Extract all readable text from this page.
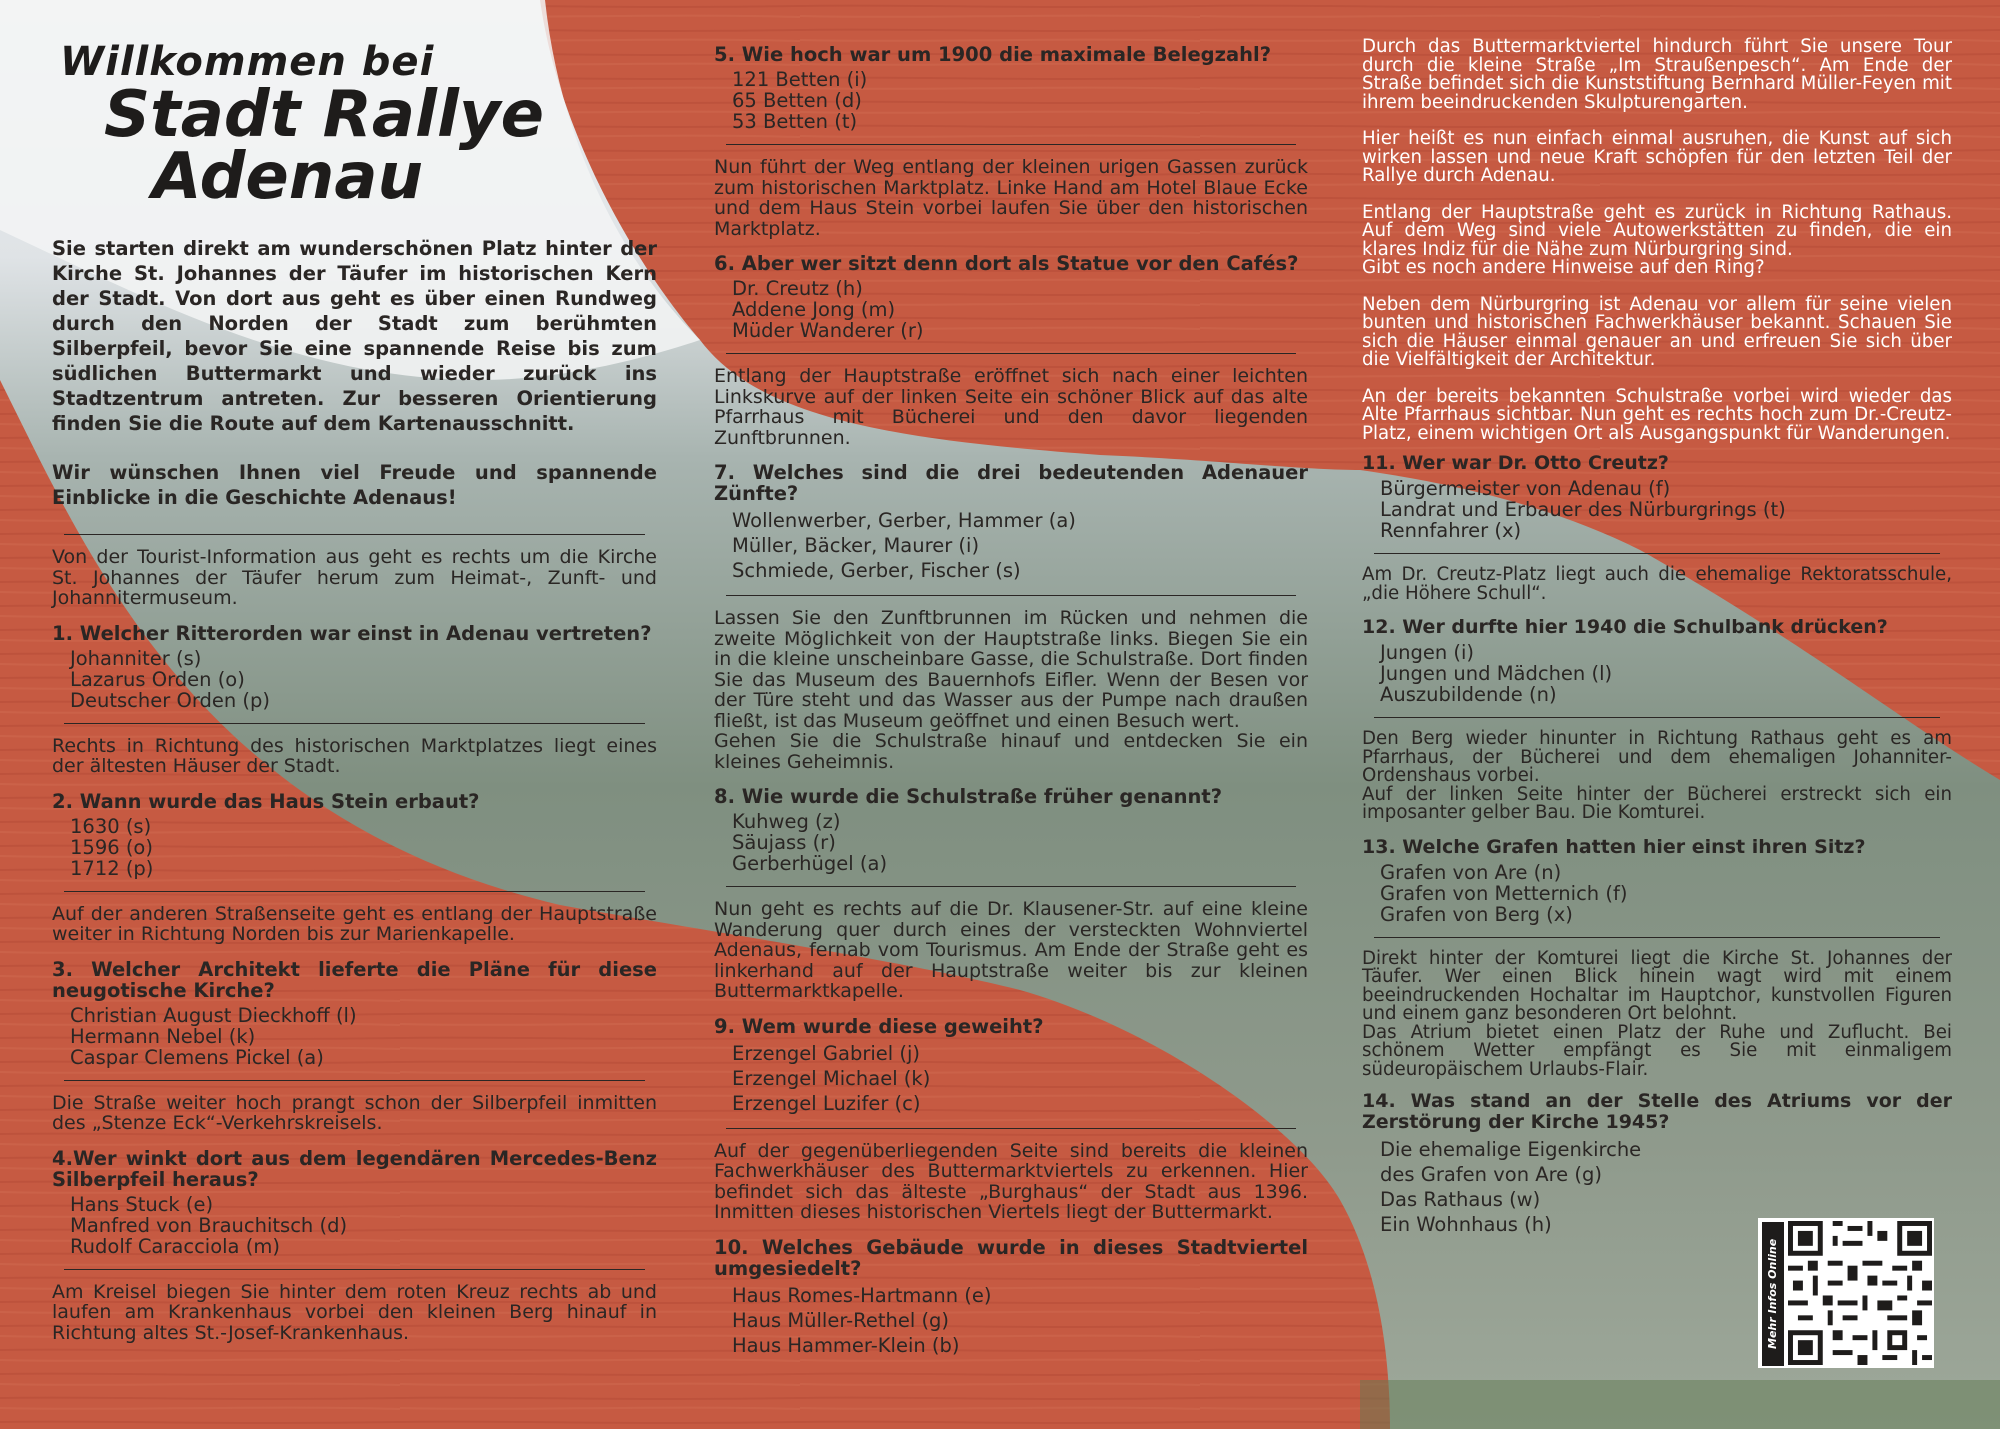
Willkommen bei
Stadt Rallye
Adenau
Sie starten direkt am wunderschönen Platz hinter der Kirche St. Johannes der Täufer im historischen Kern der Stadt. Von dort aus geht es über einen Rundweg durch den Norden der Stadt zum berühmten Silberpfeil, bevor Sie eine spannende Reise bis zum südlichen Buttermarkt und wieder zurück ins Stadtzentrum antreten. Zur besseren Orientierung finden Sie die Route auf dem Kartenausschnitt.
Wir wünschen Ihnen viel Freude und spannende Einblicke in die Geschichte Adenaus!
Von der Tourist-Information aus geht es rechts um die Kirche St. Johannes der Täufer herum zum Heimat-, Zunft- und Johannitermuseum.
1. Welcher Ritterorden war einst in Adenau vertreten?
Johanniter (s)
Lazarus Orden (o)
Deutscher Orden (p)
Rechts in Richtung des historischen Marktplatzes liegt eines der ältesten Häuser der Stadt.
2. Wann wurde das Haus Stein erbaut?
1630 (s)
1596 (o)
1712 (p)
Auf der anderen Straßenseite geht es entlang der Hauptstraße weiter in Richtung Norden bis zur Marienkapelle.
3. Welcher Architekt lieferte die Pläne für diese neugotische Kirche?
Christian August Dieckhoff (l)
Hermann Nebel (k)
Caspar Clemens Pickel (a)
Die Straße weiter hoch prangt schon der Silberpfeil inmitten des „Stenze Eck“-Verkehrskreisels.
4.Wer winkt dort aus dem legendären Mercedes-Benz Silberpfeil heraus?
Hans Stuck (e)
Manfred von Brauchitsch (d)
Rudolf Caracciola (m)
Am Kreisel biegen Sie hinter dem roten Kreuz rechts ab und laufen am Krankenhaus vorbei den kleinen Berg hinauf in Richtung altes St.-Josef-Krankenhaus.
5. Wie hoch war um 1900 die maximale Belegzahl?
121 Betten (i)
65 Betten (d)
53 Betten (t)
Nun führt der Weg entlang der kleinen urigen Gassen zurück zum historischen Marktplatz. Linke Hand am Hotel Blaue Ecke und dem Haus Stein vorbei laufen Sie über den historischen Marktplatz.
6. Aber wer sitzt denn dort als Statue vor den Cafés?
Dr. Creutz (h)
Addene Jong (m)
Müder Wanderer (r)
Entlang der Hauptstraße eröffnet sich nach einer leichten Linkskurve auf der linken Seite ein schöner Blick auf das alte Pfarrhaus mit Bücherei und den davor liegenden Zunftbrunnen.
7. Welches sind die drei bedeutenden Adenauer Zünfte?
Wollenwerber, Gerber, Hammer (a)
Müller, Bäcker, Maurer (i)
Schmiede, Gerber, Fischer (s)
Lassen Sie den Zunftbrunnen im Rücken und nehmen die zweite Möglichkeit von der Hauptstraße links. Biegen Sie ein in die kleine unscheinbare Gasse, die Schulstraße. Dort finden Sie das Museum des Bauernhofs Eifler. Wenn der Besen vor der Türe steht und das Wasser aus der Pumpe nach draußen fließt, ist das Museum geöffnet und einen Besuch wert.
Gehen Sie die Schulstraße hinauf und entdecken Sie ein kleines Geheimnis.
8. Wie wurde die Schulstraße früher genannt?
Kuhweg (z)
Säujass (r)
Gerberhügel (a)
Nun geht es rechts auf die Dr. Klausener-Str. auf eine kleine Wanderung quer durch eines der versteckten Wohnviertel Adenaus, fernab vom Tourismus. Am Ende der Straße geht es linkerhand auf der Hauptstraße weiter bis zur kleinen Buttermarktkapelle.
9. Wem wurde diese geweiht?
Erzengel Gabriel (j)
Erzengel Michael (k)
Erzengel Luzifer (c)
Auf der gegenüberliegenden Seite sind bereits die kleinen Fachwerkhäuser des Buttermarktviertels zu erkennen. Hier befindet sich das älteste „Burghaus“ der Stadt aus 1396. Inmitten dieses historischen Viertels liegt der Buttermarkt.
10. Welches Gebäude wurde in dieses Stadtviertel umgesiedelt?
Haus Romes-Hartmann (e)
Haus Müller-Rethel (g)
Haus Hammer-Klein (b)
Durch das Buttermarktviertel hindurch führt Sie unsere Tour durch die kleine Straße „Im Straußenpesch“. Am Ende der Straße befindet sich die Kunststiftung Bernhard Müller-Feyen mit ihrem beeindruckenden Skulpturengarten.
Hier heißt es nun einfach einmal ausruhen, die Kunst auf sich wirken lassen und neue Kraft schöpfen für den letzten Teil der Rallye durch Adenau.
Entlang der Hauptstraße geht es zurück in Richtung Rathaus. Auf dem Weg sind viele Autowerkstätten zu finden, die ein klares Indiz für die Nähe zum Nürburgring sind.
Gibt es noch andere Hinweise auf den Ring?
Neben dem Nürburgring ist Adenau vor allem für seine vielen bunten und historischen Fachwerkhäuser bekannt. Schauen Sie sich die Häuser einmal genauer an und erfreuen Sie sich über die Vielfältigkeit der Architektur.
An der bereits bekannten Schulstraße vorbei wird wieder das Alte Pfarrhaus sichtbar. Nun geht es rechts hoch zum Dr.-Creutz-Platz, einem wichtigen Ort als Ausgangspunkt für Wanderungen.
11. Wer war Dr. Otto Creutz?
Bürgermeister von Adenau (f)
Landrat und Erbauer des Nürburgrings (t)
Rennfahrer (x)
Am Dr. Creutz-Platz liegt auch die ehemalige Rektoratsschule, „die Höhere Schull“.
12. Wer durfte hier 1940 die Schulbank drücken?
Jungen (i)
Jungen und Mädchen (l)
Auszubildende (n)
Den Berg wieder hinunter in Richtung Rathaus geht es am Pfarrhaus, der Bücherei und dem ehemaligen Johanniter-Ordenshaus vorbei.
Auf der linken Seite hinter der Bücherei erstreckt sich ein imposanter gelber Bau. Die Komturei.
13. Welche Grafen hatten hier einst ihren Sitz?
Grafen von Are (n)
Grafen von Metternich (f)
Grafen von Berg (x)
Direkt hinter der Komturei liegt die Kirche St. Johannes der Täufer. Wer einen Blick hinein wagt wird mit einem beeindruckenden Hochaltar im Hauptchor, kunstvollen Figuren und einem ganz besonderen Ort belohnt.
Das Atrium bietet einen Platz der Ruhe und Zuflucht. Bei schönem Wetter empfängt es Sie mit einmaligem südeuropäischem Urlaubs-Flair.
14. Was stand an der Stelle des Atriums vor der Zerstörung der Kirche 1945?
Die ehemalige Eigenkirche
des Grafen von Are (g)
Das Rathaus (w)
Ein Wohnhaus (h)
Mehr Infos Online
